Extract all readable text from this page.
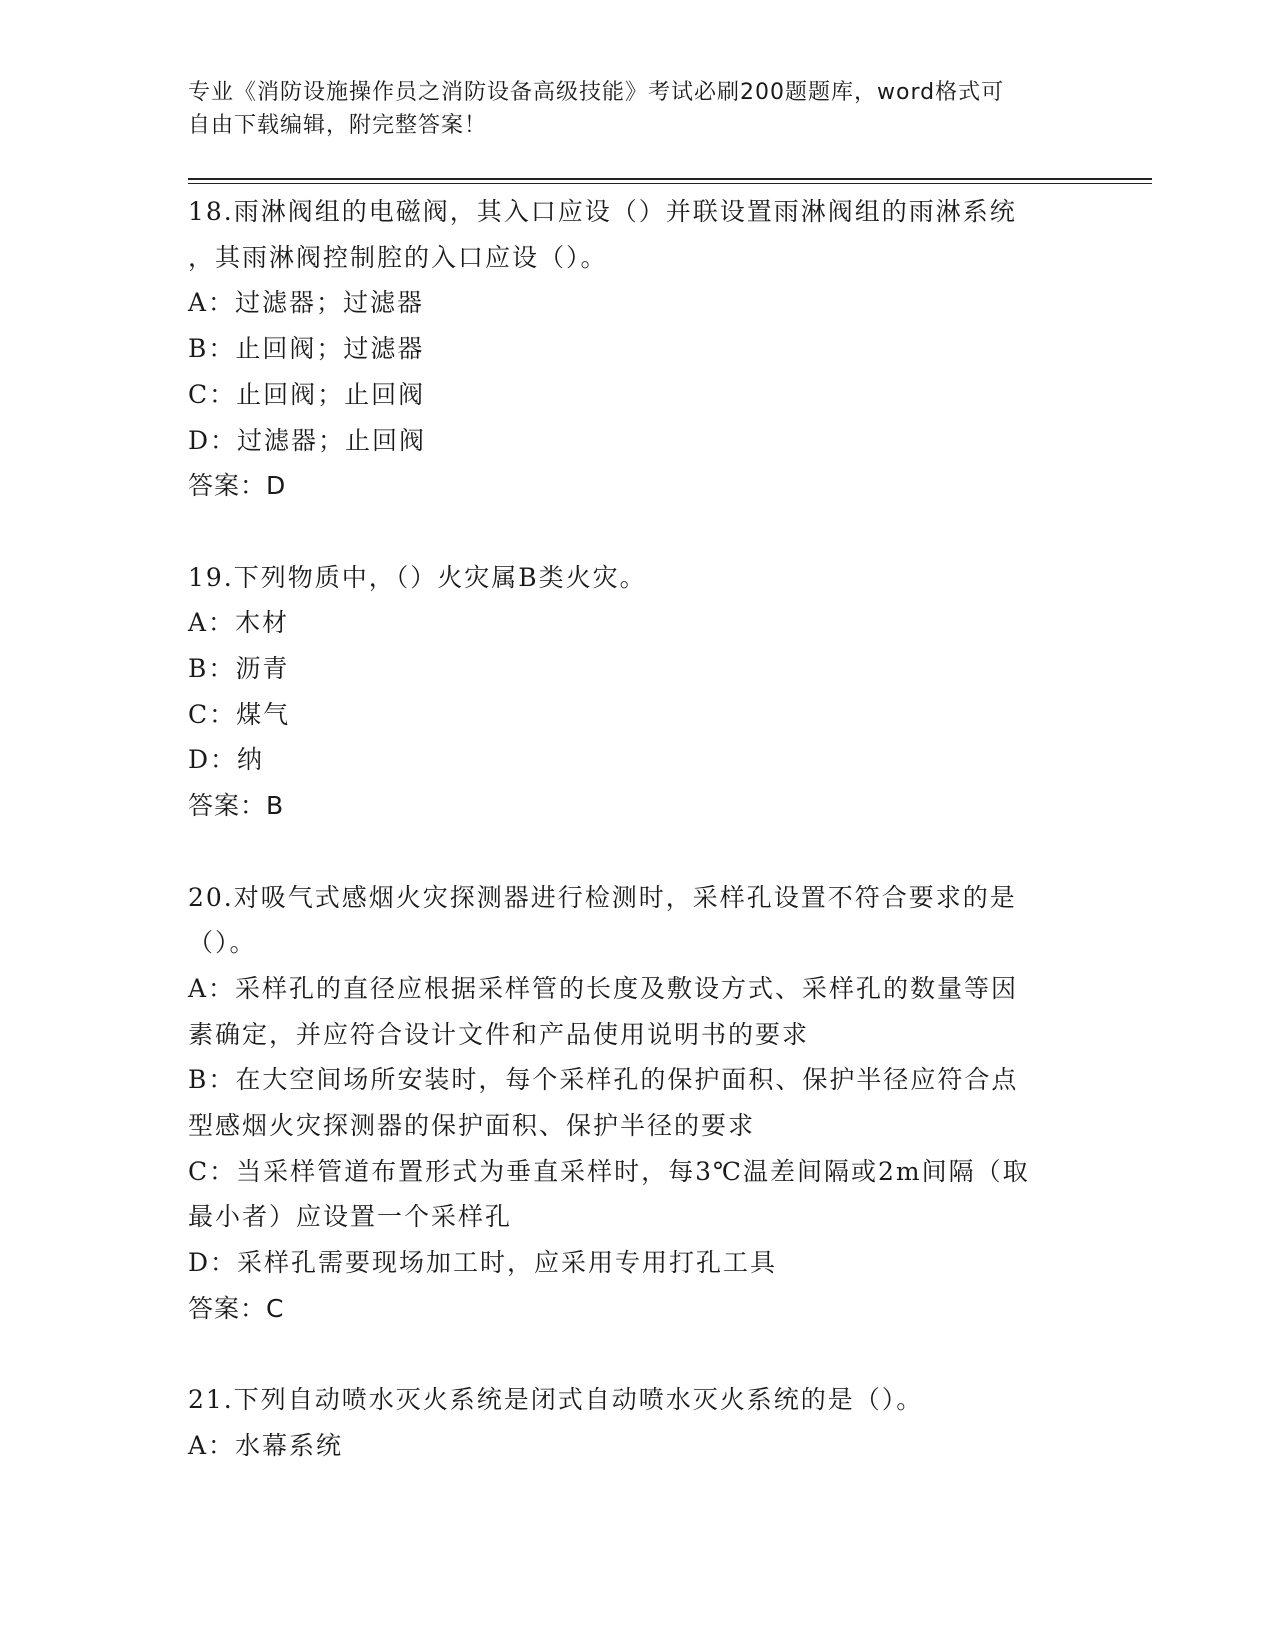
专业《消防设施操作员之消防设备高级技能》考试必刷200题题库，word格式可
自由下载编辑，附完整答案！
18.雨淋阀组的电磁阀，其入口应设（）并联设置雨淋阀组的雨淋系统
，其雨淋阀控制腔的入口应设（）。
A：过滤器；过滤器
B：止回阀；过滤器
C：止回阀；止回阀
D：过滤器；止回阀
答案：D
19.下列物质中，（）火灾属B类火灾。
A：木材
B：沥青
C：煤气
D：纳
答案：B
20.对吸气式感烟火灾探测器进行检测时，采样孔设置不符合要求的是
（）。
A：采样孔的直径应根据采样管的长度及敷设方式、采样孔的数量等因
素确定，并应符合设计文件和产品使用说明书的要求
B：在大空间场所安装时，每个采样孔的保护面积、保护半径应符合点
型感烟火灾探测器的保护面积、保护半径的要求
C：当采样管道布置形式为垂直采样时，每3℃温差间隔或2m间隔（取
最小者）应设置一个采样孔
D：采样孔需要现场加工时，应采用专用打孔工具
答案：C
21.下列自动喷水灭火系统是闭式自动喷水灭火系统的是（）。
A：水幕系统
